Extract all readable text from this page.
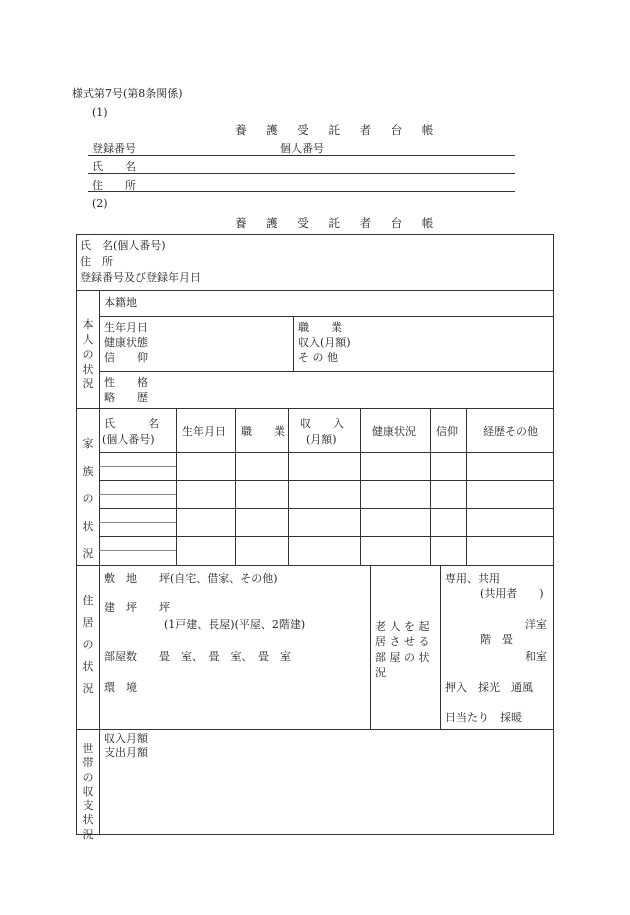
様式第7号(第8条関係)
(1)
養 護 受 託 者 台 帳
登録番号	個人番号
氏　　名
住　　所
(2)
養 護 受 託 者 台 帳
氏　名(個人番号)
住　所
登録番号及び登録年月日
本
人
の
状
況
本籍地
生年月日
健康状態
信　　仰
職　　業
収入(月額)
そ の 他
性　　格
略　　歴
家
族
の
状
況
氏　　　名
(個人番号)
生年月日 職　　業
収　　入
(月額)
健康状況 信仰 経歴その他
住
居
の
状
況
敷　地　　坪(自宅、借家、その他)
建　坪　　坪
(1戸建、長屋)(平屋、2階建)
部屋数　　畳　室、　畳　室、　畳　室
環　境
老 人 を 起
居 さ せ る
部 屋 の 状
況
専用、共用
(共用者　　)
洋室
階　畳
和室
押入　採光　通風
日当たり　採暖
世
帯
の
収
支
状
況
収入月額
支出月額
